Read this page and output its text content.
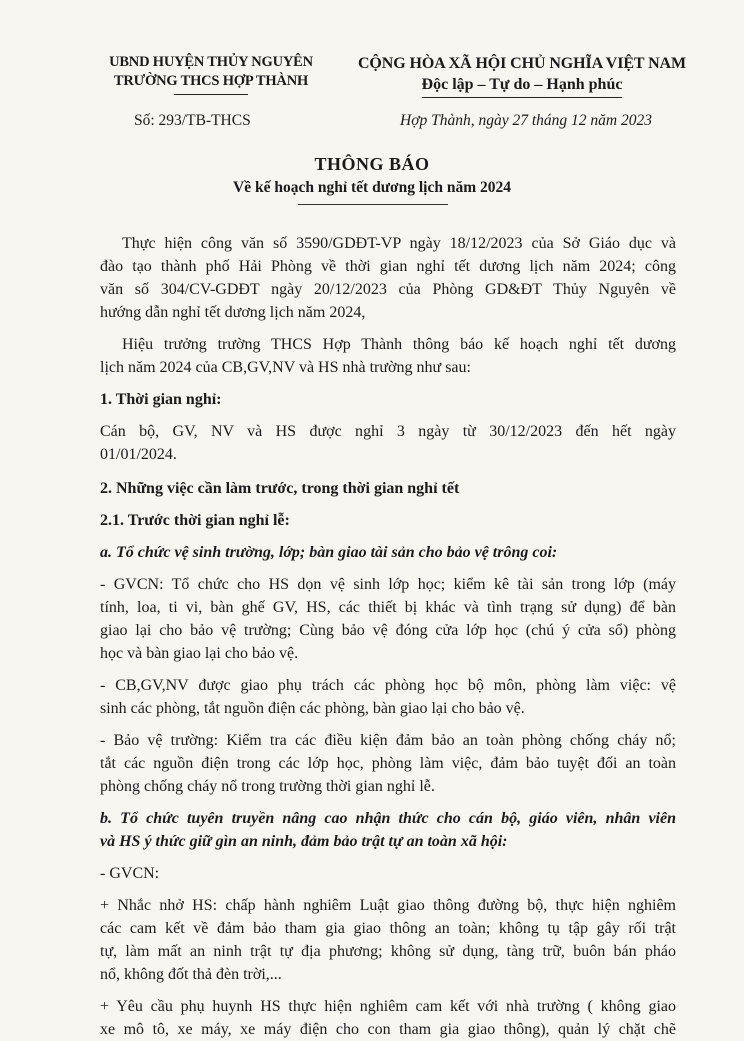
UBND HUYỆN THỦY NGUYÊN
TRƯỜNG THCS HỢP THÀNH
CỘNG HÒA XÃ HỘI CHỦ NGHĨA VIỆT NAM
Độc lập – Tự do – Hạnh phúc
Số: 293/TB-THCS	Hợp Thành, ngày 27 tháng 12 năm 2023
THÔNG BÁO
Về kế hoạch nghỉ tết dương lịch năm 2024

Thực hiện công văn số 3590/GDĐT-VP ngày 18/12/2023 của Sở Giáo dục và

đào tạo thành phố Hải Phòng về thời gian nghỉ tết dương lịch năm 2024; công

văn số 304/CV-GDĐT ngày 20/12/2023 của Phòng GD&ĐT Thủy Nguyên về

hướng dẫn nghỉ tết dương lịch năm 2024,

Hiệu trưởng trường THCS Hợp Thành thông báo kế hoạch nghỉ tết dương

lịch năm 2024 của CB,GV,NV và HS nhà trường như sau:

1. Thời gian nghỉ:

Cán bộ, GV, NV và HS được nghỉ 3 ngày từ 30/12/2023 đến hết ngày

01/01/2024.

2. Những việc cần làm trước, trong thời gian nghỉ tết

2.1. Trước thời gian nghỉ lễ:

a. Tổ chức vệ sinh trường, lớp; bàn giao tài sản cho bảo vệ trông coi:

- GVCN: Tổ chức cho HS dọn vệ sinh lớp học; kiểm kê tài sản trong lớp (máy

tính, loa, ti vi, bàn ghế GV, HS, các thiết bị khác và tình trạng sử dụng) để bàn

giao lại cho bảo vệ trường; Cùng bảo vệ đóng cửa lớp học (chú ý cửa sổ) phòng

học và bàn giao lại cho bảo vệ.

- CB,GV,NV được giao phụ trách các phòng học bộ môn, phòng làm việc: vệ

sinh các phòng, tắt nguồn điện các phòng, bàn giao lại cho bảo vệ.

- Bảo vệ trường: Kiểm tra các điều kiện đảm bảo an toàn phòng chống cháy nổ;

tắt các nguồn điện trong các lớp học, phòng làm việc, đảm bảo tuyệt đối an toàn

phòng chống cháy nổ trong trường thời gian nghỉ lễ.

b. Tổ chức tuyên truyền nâng cao nhận thức cho cán bộ, giáo viên, nhân viên

và HS ý thức giữ gìn an ninh, đảm bảo trật tự an toàn xã hội:

- GVCN:

+ Nhắc nhở HS: chấp hành nghiêm Luật giao thông đường bộ, thực hiện nghiêm

các cam kết về đảm bảo tham gia giao thông an toàn; không tụ tập gây rối trật

tự, làm mất an ninh trật tự địa phương; không sử dụng, tàng trữ, buôn bán pháo

nổ, không đốt thả đèn trời,...

+ Yêu cầu phụ huynh HS thực hiện nghiêm cam kết với nhà trường ( không giao

xe mô tô, xe máy, xe máy điện cho con tham gia giao thông), quản lý chặt chẽ
